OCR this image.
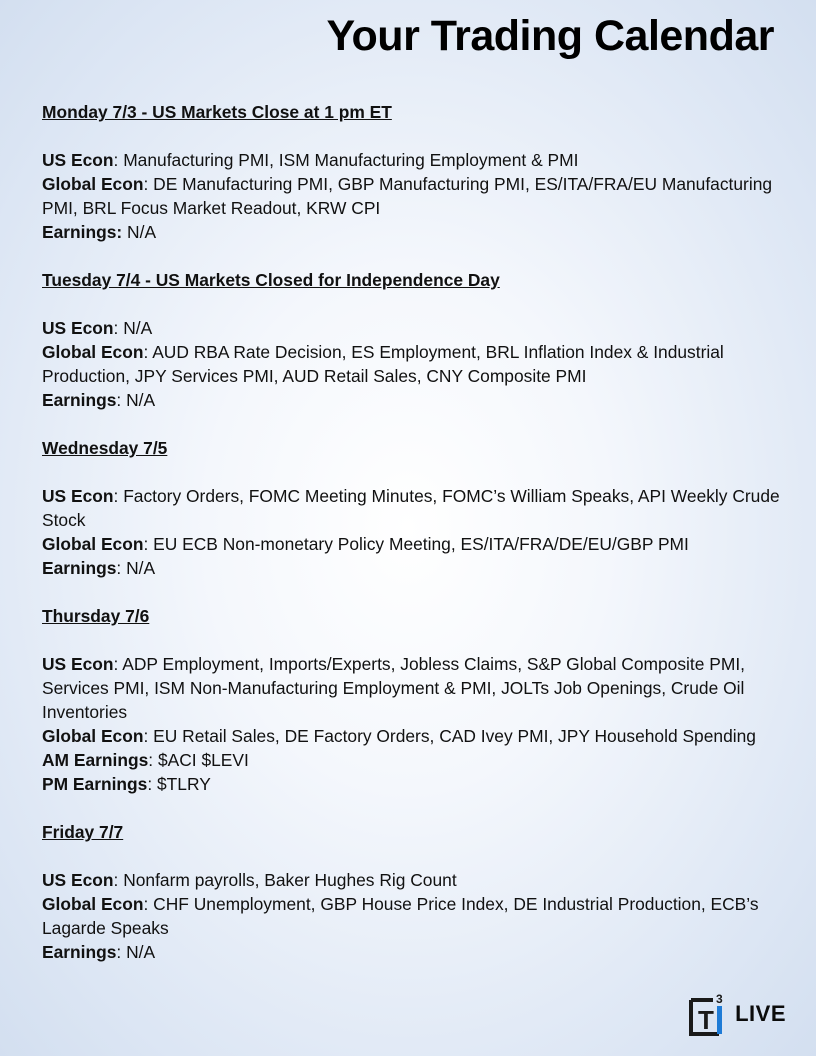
Your Trading Calendar
Monday 7/3 - US Markets Close at 1 pm ET
US Econ: Manufacturing PMI, ISM Manufacturing Employment & PMI
Global Econ: DE Manufacturing PMI, GBP Manufacturing PMI, ES/ITA/FRA/EU Manufacturing PMI, BRL Focus Market Readout, KRW CPI
Earnings: N/A
Tuesday 7/4 - US Markets Closed for Independence Day
US Econ: N/A
Global Econ: AUD RBA Rate Decision, ES Employment, BRL Inflation Index & Industrial Production, JPY Services PMI, AUD Retail Sales, CNY Composite PMI
Earnings: N/A
Wednesday 7/5
US Econ: Factory Orders, FOMC Meeting Minutes, FOMC’s William Speaks, API Weekly Crude Stock
Global Econ: EU ECB Non-monetary Policy Meeting, ES/ITA/FRA/DE/EU/GBP PMI
Earnings: N/A
Thursday 7/6
US Econ: ADP Employment, Imports/Experts, Jobless Claims, S&P Global Composite PMI, Services PMI, ISM Non-Manufacturing Employment & PMI, JOLTs Job Openings, Crude Oil Inventories
Global Econ: EU Retail Sales, DE Factory Orders, CAD Ivey PMI, JPY Household Spending
AM Earnings: $ACI $LEVI
PM Earnings: $TLRY
Friday 7/7
US Econ: Nonfarm payrolls, Baker Hughes Rig Count
Global Econ: CHF Unemployment, GBP House Price Index, DE Industrial Production, ECB’s Lagarde Speaks
Earnings: N/A
T
3
LIVE
